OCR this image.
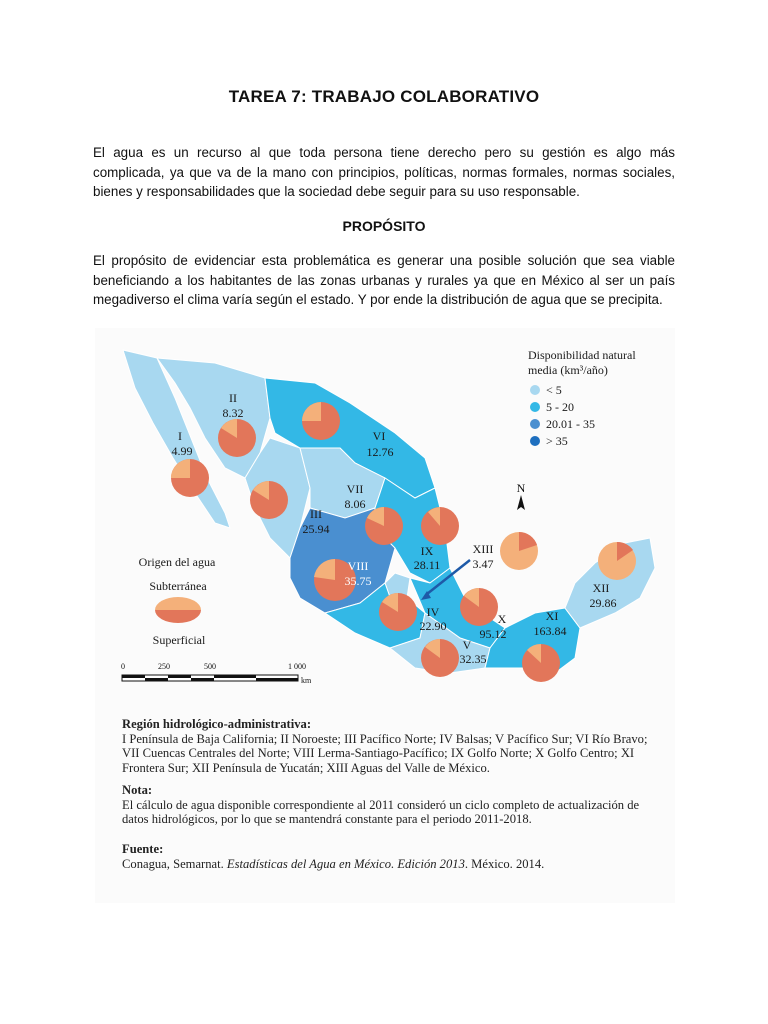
TAREA 7: TRABAJO COLABORATIVO
El agua es un recurso al que toda persona tiene derecho pero su gestión es algo más complicada, ya que va de la mano con principios, políticas, normas formales, normas sociales, bienes y responsabilidades que la sociedad debe seguir para su uso responsable.
PROPÓSITO
El propósito de evidenciar esta problemática es generar una posible solución que sea viable beneficiando a los habitantes de las zonas urbanas y rurales ya que en México al ser un país megadiverso el clima varía según el estado. Y por ende la distribución de agua que se precipita.
I
4.99
II
8.32
VI
12.76
VII
8.06
III
25.94
IX
28.11
VIII
35.75
XIII
3.47
IV
22.90	X
95.12
V
32.35
XI
163.84
XII
29.86
Disponibilidad natural
media (km³/año)
< 5
5 - 20
20.01 - 35
> 35
N
Origen del agua
Subterránea
Superficial
0	250	500	1 000
km
Región hidrológico-administrativa:
I Península de Baja California; II Noroeste; III Pacífico Norte; IV Balsas; V Pacífico Sur; VI Río Bravo; VII Cuencas Centrales del Norte; VIII Lerma-Santiago-Pacífico; IX Golfo Norte; X Golfo Centro; XI Frontera Sur; XII Península de Yucatán; XIII Aguas del Valle de México.
Nota:
El cálculo de agua disponible correspondiente al 2011 consideró un ciclo completo de actualización de datos hidrológicos, por lo que se mantendrá constante para el periodo 2011-2018.
Fuente:
Conagua, Semarnat. Estadísticas del Agua en México. Edición 2013. México. 2014.
